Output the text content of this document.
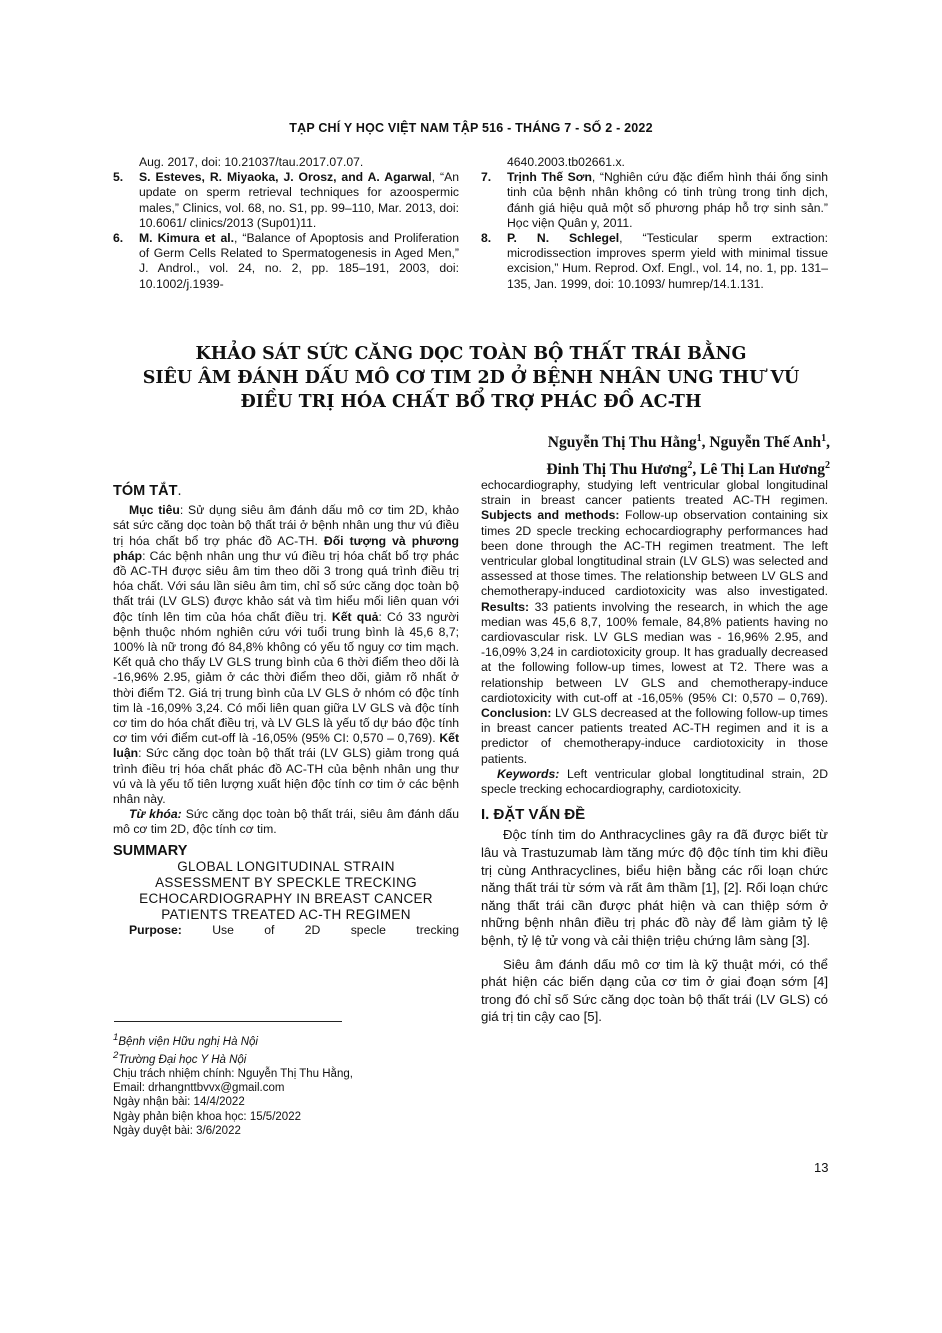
TẠP CHÍ Y HỌC VIỆT NAM TẬP 516 - THÁNG 7 - SỐ 2 - 2022
Aug. 2017, doi: 10.21037/tau.2017.07.07.
5. S. Esteves, R. Miyaoka, J. Orosz, and A. Agarwal, “An update on sperm retrieval techniques for azoospermic males,” Clinics, vol. 68, no. S1, pp. 99–110, Mar. 2013, doi: 10.6061/ clinics/2013 (Sup01)11.
6. M. Kimura et al., “Balance of Apoptosis and Proliferation of Germ Cells Related to Spermatogenesis in Aged Men,” J. Androl., vol. 24, no. 2, pp. 185–191, 2003, doi: 10.1002/j.1939-
4640.2003.tb02661.x.
7. Trịnh Thế Sơn, “Nghiên cứu đặc điểm hình thái ống sinh tinh của bệnh nhân không có tinh trùng trong tinh dịch, đánh giá hiệu quả một số phương pháp hỗ trợ sinh sản.” Học viện Quân y, 2011.
8. P. N. Schlegel, “Testicular sperm extraction: microdissection improves sperm yield with minimal tissue excision,” Hum. Reprod. Oxf. Engl., vol. 14, no. 1, pp. 131–135, Jan. 1999, doi: 10.1093/ humrep/14.1.131.
KHẢO SÁT SỨC CĂNG DỌC TOÀN BỘ THẤT TRÁI BẰNG
SIÊU ÂM ĐÁNH DẤU MÔ CƠ TIM 2D Ở BỆNH NHÂN UNG THƯ VÚ
ĐIỀU TRỊ HÓA CHẤT BỔ TRỢ PHÁC ĐỒ AC-TH
Nguyễn Thị Thu Hằng$^1$, Nguyễn Thế Anh$^1$,
Đinh Thị Thu Hương$^2$, Lê Thị Lan Hương$^2$
TÓM TẮT.

Mục tiêu: Sử dụng siêu âm đánh dấu mô cơ tim 2D, khảo sát sức căng dọc toàn bộ thất trái ở bệnh nhân ung thư vú điều trị hóa chất bổ trợ phác đồ AC-TH. Đối tượng và phương pháp: Các bệnh nhân ung thư vú điều trị hóa chất bổ trợ phác đồ AC-TH được siêu âm tim theo dõi 3 trong quá trình điều trị hóa chất. Với sáu lần siêu âm tim, chỉ số sức căng dọc toàn bộ thất trái (LV GLS) được khảo sát và tìm hiểu mối liên quan với độc tính lên tim của hóa chất điều trị. Kết quả: Có 33 người bệnh thuộc nhóm nghiên cứu với tuổi trung bình là 45,6 8,7; 100% là nữ trong đó 84,8% không có yếu tố nguy cơ tim mạch. Kết quả cho thấy LV GLS trung bình của 6 thời điểm theo dõi là -16,96% 2.95, giảm ở các thời điểm theo dõi, giảm rõ nhất ở thời điểm T2. Giá trị trung bình của LV GLS ở nhóm có độc tính tim là -16,09% 3,24. Có mối liên quan giữa LV GLS và độc tính cơ tim do hóa chất điều trị, và LV GLS là yếu tố dự báo độc tính cơ tim với điểm cut-off là -16,05% (95% CI: 0,570 – 0,769). Kết luận: Sức căng dọc toàn bộ thất trái (LV GLS) giảm trong quá trình điều trị hóa chất phác đồ AC-TH của bệnh nhân ung thư vú và là yếu tố tiên lượng xuất hiện độc tính cơ tim ở các bệnh nhân này.

Từ khóa: Sức căng dọc toàn bộ thất trái, siêu âm đánh dấu mô cơ tim 2D, độc tính cơ tim.

SUMMARY
GLOBAL LONGITUDINAL STRAIN
ASSESSMENT BY SPECKLE TRECKING
ECHOCARDIOGRAPHY IN BREAST CANCER
PATIENTS TREATED AC-TH REGIMEN

Purpose: Use of 2D specle trecking

$^1$Bệnh viện Hữu nghị Hà Nội
$^2$Trường Đại học Y Hà Nội
Chịu trách nhiệm chính: Nguyễn Thị Thu Hằng,
Email: drhangnttbvvx@gmail.com
Ngày nhận bài: 14/4/2022
Ngày phản biện khoa học: 15/5/2022
Ngày duyệt bài: 3/6/2022

echocardiography, studying left ventricular global longitudinal strain in breast cancer patients treated AC-TH regimen. Subjects and methods: Follow-up observation containing six times 2D specle trecking echocardiography performances had been done through the AC-TH regimen treatment. The left ventricular global longtitudinal strain (LV GLS) was selected and assessed at those times. The relationship between LV GLS and chemotherapy-induced cardiotoxicity was also investigated. Results: 33 patients involving the research, in which the age median was 45,6 8,7, 100% female, 84,8% patients having no cardiovascular risk. LV GLS median was - 16,96% 2.95, and -16,09% 3,24 in cardiotoxicity group. It has gradually decreased at the following follow-up times, lowest at T2. There was a relationship between LV GLS and chemotherapy-induce cardiotoxicity with cut-off at -16,05% (95% CI: 0,570 – 0,769). Conclusion: LV GLS decreased at the following follow-up times in breast cancer patients treated AC-TH regimen and it is a predictor of chemotherapy-induce cardiotoxicity in those patients.

Keywords: Left ventricular global longtitudinal strain, 2D specle trecking echocardiography, cardiotoxicity.

I. ĐẶT VẤN ĐỀ

Độc tính tim do Anthracyclines gây ra đã được biết từ lâu và Trastuzumab làm tăng mức độ độc tính tim khi điều trị cùng Anthracyclines, biểu hiện bằng các rối loạn chức năng thất trái từ sớm và rất âm thầm [1], [2]. Rối loạn chức năng thất trái cần được phát hiện và can thiệp sớm ở những bệnh nhân điều trị phác đồ này để làm giảm tỷ lệ bệnh, tỷ lệ tử vong và cải thiện triệu chứng lâm sàng [3].

Siêu âm đánh dấu mô cơ tim là kỹ thuật mới, có thể phát hiện các biến dạng của cơ tim ở giai đoạn sớm [4] trong đó chỉ số Sức căng dọc toàn bộ thất trái (LV GLS) có giá trị tin cậy cao [5].

13
